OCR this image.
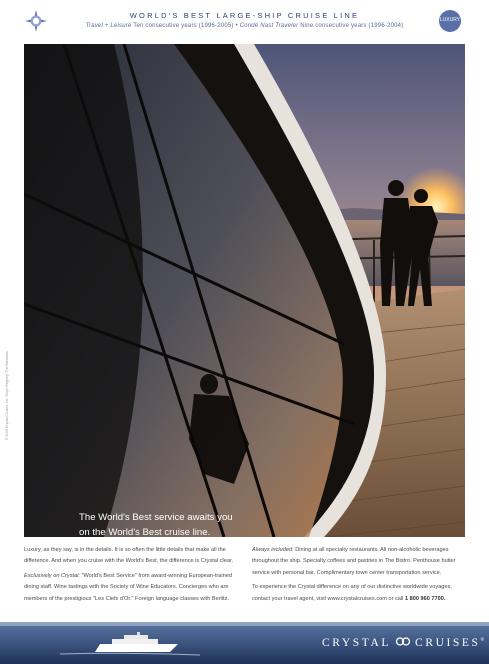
WORLD'S BEST LARGE-SHIP CRUISE LINE
Travel + Leisure Ten consecutive years (1996-2005) • Condé Nast Traveler Nine consecutive years (1996-2004)
LUXURY
The World's Best service awaits you
on the World's Best cruise line.
© 2005 Crystal Cruises, Inc. Ships' Registry: The Bahamas

Luxury, as they say, is in the details. It is so often the little details that make all the difference. And when you cruise with the World's Best, the difference is Crystal clear.

Exclusively on Crystal: "World's Best Service" from award-winning European-trained dining staff. Wine tastings with the Society of Wine Educators. Concierges who are members of the prestigious "Les Clefs d'Or." Foreign language classes with Berlitz.

Always included: Dining at all specialty restaurants. All non-alcoholic beverages throughout the ship. Specialty coffees and pastries in The Bistro. Penthouse butler service with personal bar. Complimentary town center transportation service.

To experience the Crystal difference on any of our distinctive worldwide voyages, contact your travel agent, visit www.crystalcruises.com or call 1 800 960 7700.

CRYSTAL CRUISES®
